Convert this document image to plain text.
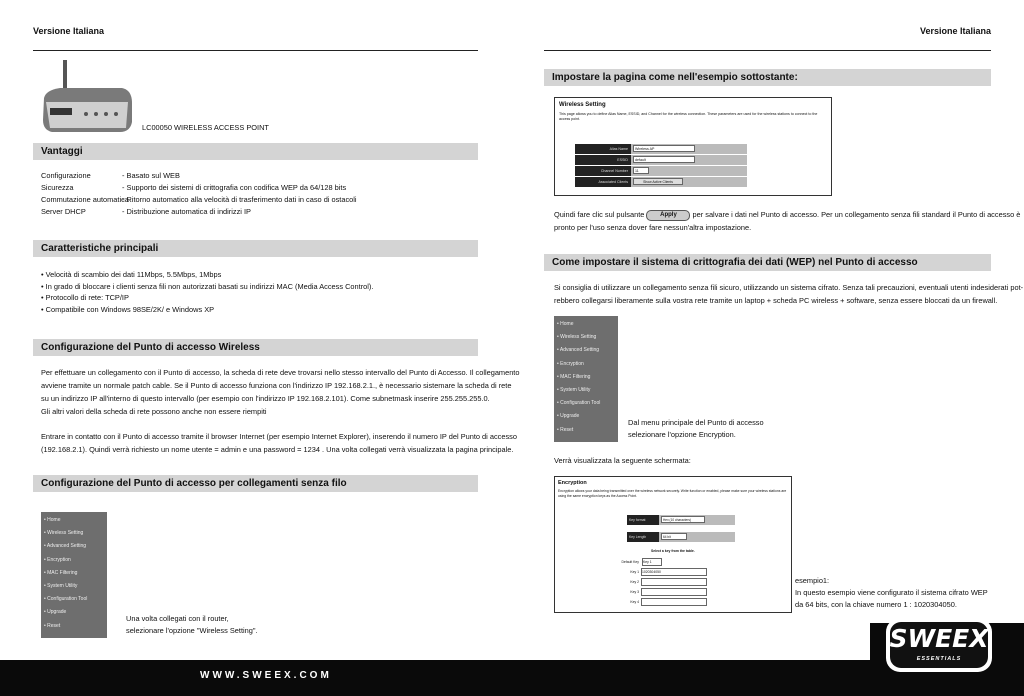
Versione Italiana	Versione Italiana
LC00050 WIRELESS ACCESS POINT
Vantaggi
Configurazione	- Basato sul WEB
Sicurezza	- Supporto dei sistemi di crittografia con codifica WEP da 64/128 bits
Commutazione automatica- Ritorno automatico alla velocità di trasferimento dati in caso di ostacoli
Server DHCP	- Distribuzione automatica di indirizzi IP
Caratteristiche principali
• Velocità di scambio dei dati 11Mbps, 5.5Mbps, 1Mbps
• In grado di bloccare i clienti senza fili non autorizzati basati su indirizzi MAC (Media Access Control).
• Protocollo di rete: TCP/IP
• Compatibile con Windows 98SE/2K/ e Windows XP
Configurazione del Punto di accesso Wireless
Per effettuare un collegamento con il Punto di accesso, la scheda di rete deve trovarsi nello stesso intervallo del Punto di Accesso. Il collegamento
avviene tramite un normale patch cable. Se il Punto di accesso funziona con l'indirizzo IP 192.168.2.1., è necessario sistemare la scheda di rete
su un indirizzo IP all'interno di questo intervallo (per esempio con l'indirizzo IP 192.168.2.101). Come subnetmask inserire 255.255.255.0.
Gli altri valori della scheda di rete possono anche non essere riempiti
Entrare in contatto con il Punto di accesso tramite il browser Internet (per esempio Internet Explorer), inserendo il numero IP del Punto di accesso
(192.168.2.1). Quindi verrà richiesto un nome utente = admin e una password = 1234 . Una volta collegati verrà visualizzata la pagina principale.
Configurazione del Punto di accesso per collegamenti senza filo
• Home
• Wireless Setting
• Advanced Setting
• Encryption
• MAC Filtering
• System Utility
• Configuration Tool
• Upgrade
• Reset
Una volta collegati con il router,
selezionare l'opzione "Wireless Setting".
Impostare la pagina come nell'esempio sottostante:
Wireless Setting
This page allows you to define Alias Name, ESSID, and Channel for the wireless connection. These parameters are used for the wireless stations to connect to the access point.
Alias Name	Wireless AP
ESSID	default
Channel Number	11
Associated Clients	Show Active Clients
Quindi fare clic sul pulsante	Apply per salvare i dati nel Punto di accesso. Per un collegamento senza fili standard il Punto di accesso è
pronto per l'uso senza dover fare nessun'altra impostazione.
Come impostare il sistema di crittografia dei dati (WEP) nel Punto di accesso
Si consiglia di utilizzare un collegamento senza fili sicuro, utilizzando un sistema cifrato. Senza tali precauzioni, eventuali utenti indesiderati pot-
rebbero collegarsi liberamente sulla vostra rete tramite un laptop + scheda PC wireless + software, senza essere bloccati da un firewall.
• Home
• Wireless Setting
• Advanced Setting
• Encryption
• MAC Filtering
• System Utility
• Configuration Tool
• Upgrade
• Reset
Dal menu principale del Punto di accesso
selezionare l'opzione Encryption.
Verrà visualizzata la seguente schermata:
Encryption
Encryption allows your data being transmitted over the wireless network securely. Write function or enabled, please make sure your wireless stations are using the same encryption keys as the Access Point.
Key format	Hex (10 characters)
Key Length	64 bit
Select a key from the table.
Default Key Key 1
Key 1 1020304050
Key 2
Key 3
Key 4
esempio1:
In questo esempio viene configurato il sistema cifrato WEP
da 64 bits, con la chiave numero 1 : 1020304050.
WWW.SWEEX.COM
SWEEX
ESSENTIALS
